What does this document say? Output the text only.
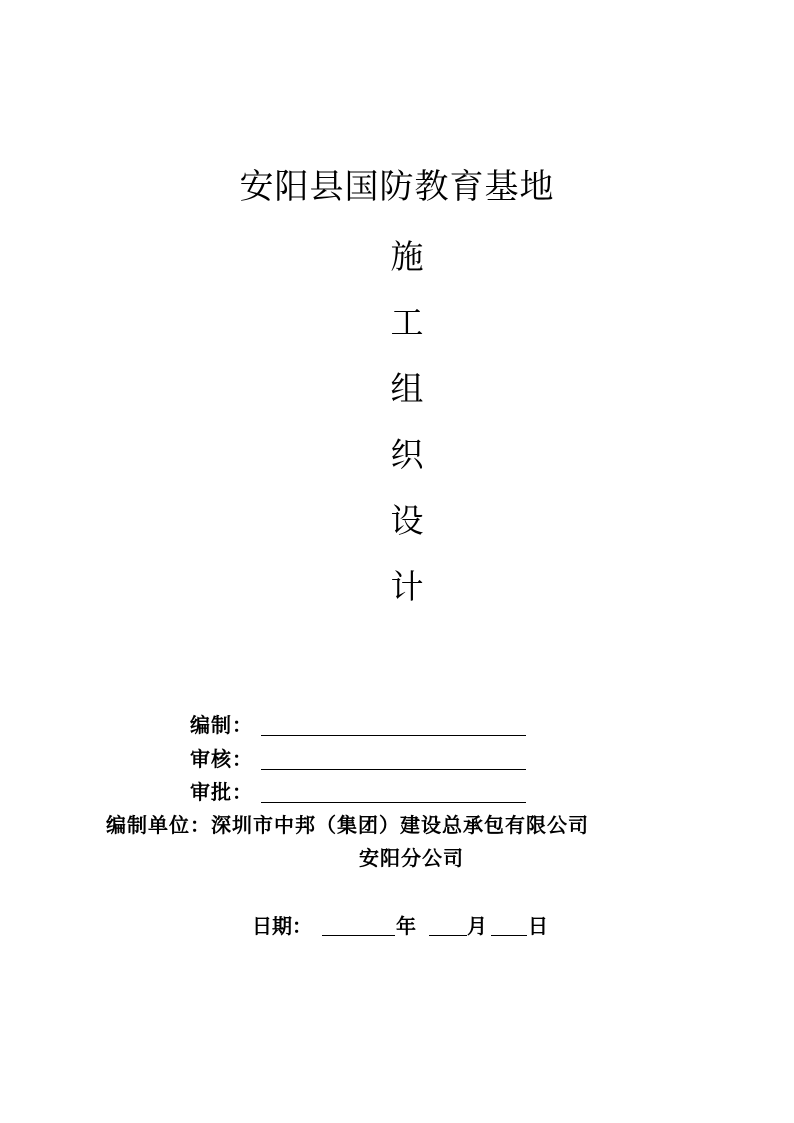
安阳县国防教育基地
施
工
组
织
设
计
编制：
审核：
审批：
编制单位：深圳市中邦（集团）建设总承包有限公司
安阳分公司
日期：	年	月 日
